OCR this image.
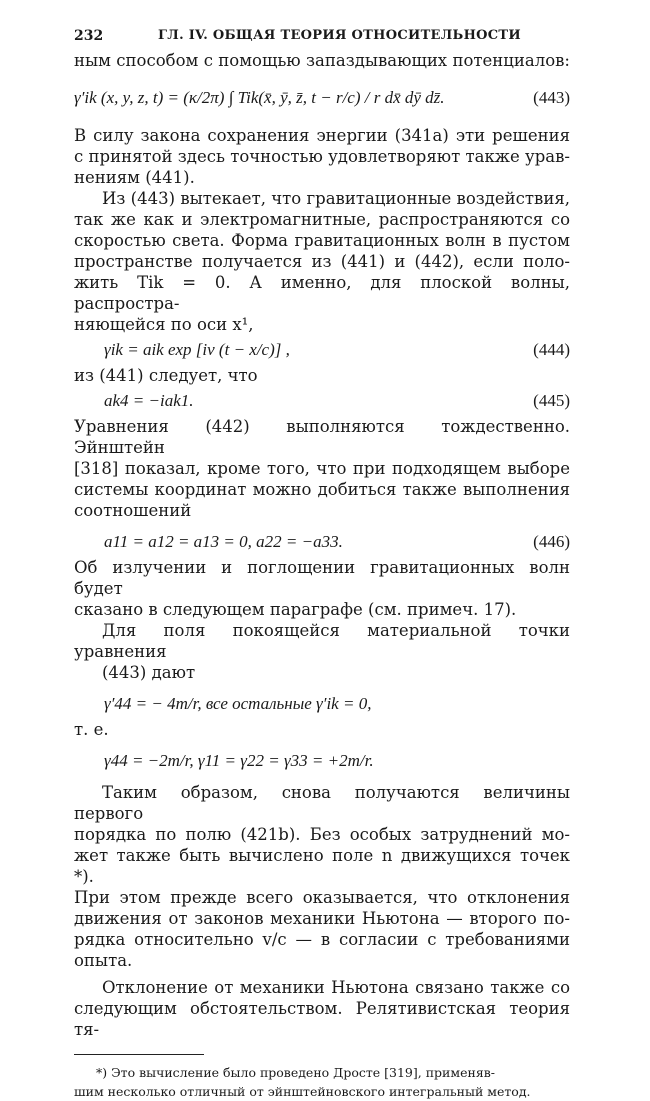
232	ГЛ. IV. ОБЩАЯ ТЕОРИЯ ОТНОСИТЕЛЬНОСТИ

ным способом с помощью запаздывающих потенциалов:

γ′ik (x, y, z, t) = (κ/2π) ∫ Tik(x̄, ȳ, z̄, t − r/c) / r dx̄ dȳ dz̄.	(443)

В силу закона сохранения энергии (341а) эти решения

с принятой здесь точностью удовлетворяют также урав-

нениям (441).

Из (443) вытекает, что гравитационные воздействия,

так же как и электромагнитные, распространяются со

скоростью света. Форма гравитационных волн в пустом

пространстве получается из (441) и (442), если поло-

жить Tik = 0. А именно, для плоской волны, распростра-

няющейся по оси x¹,

γik = aik exp [iν (t − x/c)] ,	(444)

из (441) следует, что

ak4 = −iak1.	(445)

Уравнения (442) выполняются тождественно. Эйнштейн

[318] показал, кроме того, что при подходящем выборе

системы координат можно добиться также выполнения

соотношений

a11 = a12 = a13 = 0, a22 = −a33.	(446)

Об излучении и поглощении гравитационных волн будет

сказано в следующем параграфе (см. примеч. 17).

Для поля покоящейся материальной точки уравнения

(443) дают

γ′44 = − 4m/r, все остальные γ′ik = 0,

т. е.

γ44 = −2m/r, γ11 = γ22 = γ33 = +2m/r.

Таким образом, снова получаются величины первого

порядка по полю (421b). Без особых затруднений мо-

жет также быть вычислено поле n движущихся точек *).

При этом прежде всего оказывается, что отклонения

движения от законов механики Ньютона — второго по-

рядка относительно v/c — в согласии с требованиями

опыта.

Отклонение от механики Ньютона связано также со

следующим обстоятельством. Релятивистская теория тя-

*) Это вычисление было проведено Дросте [319], применяв-

шим несколько отличный от эйнштейновского интегральный метод.
